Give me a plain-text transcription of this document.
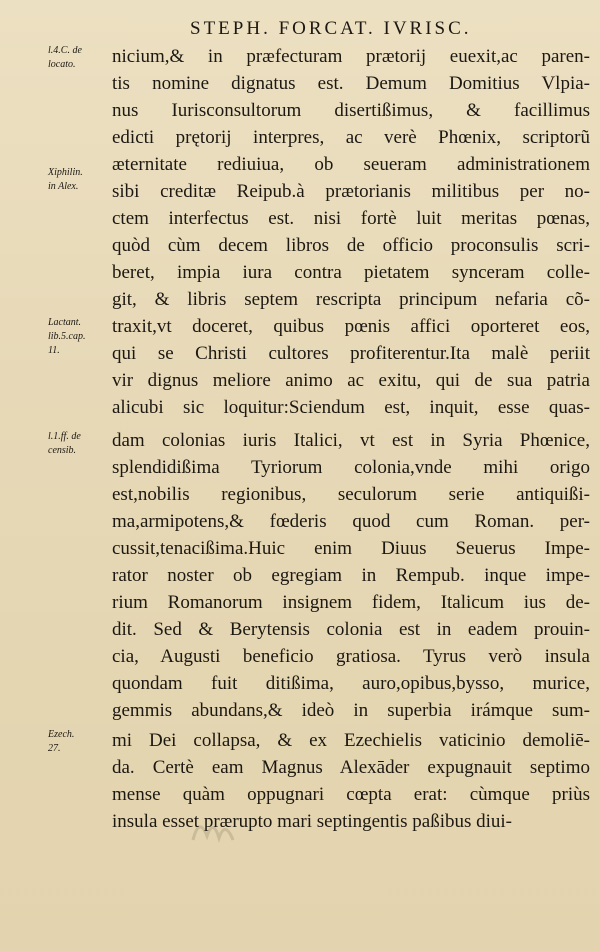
STEPH. FORCAT. IVRISC.
l.4.C. de
locato.
Xiphilin.
in Alex.
Lactant.
lib.5.cap.
11.
l.1.ff. de
censib.
Ezech.
27.
nicium,& in præfecturam prætorij euexit,ac paren-
tis nomine dignatus est. Demum Domitius Vlpia-
nus Iurisconsultorum disertißimus, & facillimus
edicti prętorij interpres, ac verè Phœnix, scriptorũ
æternitate rediuiua, ob seueram administrationem
sibi creditæ Reipub.à prætorianis militibus per no-
ctem interfectus est. nisi fortè luit meritas pœnas,
quòd cùm decem libros de officio proconsulis scri-
beret, impia iura contra pietatem synceram colle-
git, & libris septem rescripta principum nefaria cõ-
traxit,vt doceret, quibus pœnis affici oporteret eos,
qui se Christi cultores profiterentur.Ita malè periit
vir dignus meliore animo ac exitu, qui de sua patria
alicubi sic loquitur:Sciendum est, inquit, esse quas-
dam colonias iuris Italici, vt est in Syria Phœnice,
splendidißima Tyriorum colonia,vnde mihi origo
est,nobilis regionibus, seculorum serie antiquißi-
ma,armipotens,& fœderis quod cum Roman. per-
cussit,tenacißima.Huic enim Diuus Seuerus Impe-
rator noster ob egregiam in Rempub. inque impe-
rium Romanorum insignem fidem, Italicum ius de-
dit. Sed & Berytensis colonia est in eadem prouin-
cia, Augusti beneficio gratiosa. Tyrus verò insula
quondam fuit ditißima, auro,opibus,bysso, murice,
gemmis abundans,& ideò in superbia irámque sum-
mi Dei collapsa, & ex Ezechielis vaticinio demoliē-
da. Certè eam Magnus Alexāder expugnauit septimo
mense quàm oppugnari cœpta erat: cùmque priùs
insula esset prærupto mari septingentis paßibus diui-
